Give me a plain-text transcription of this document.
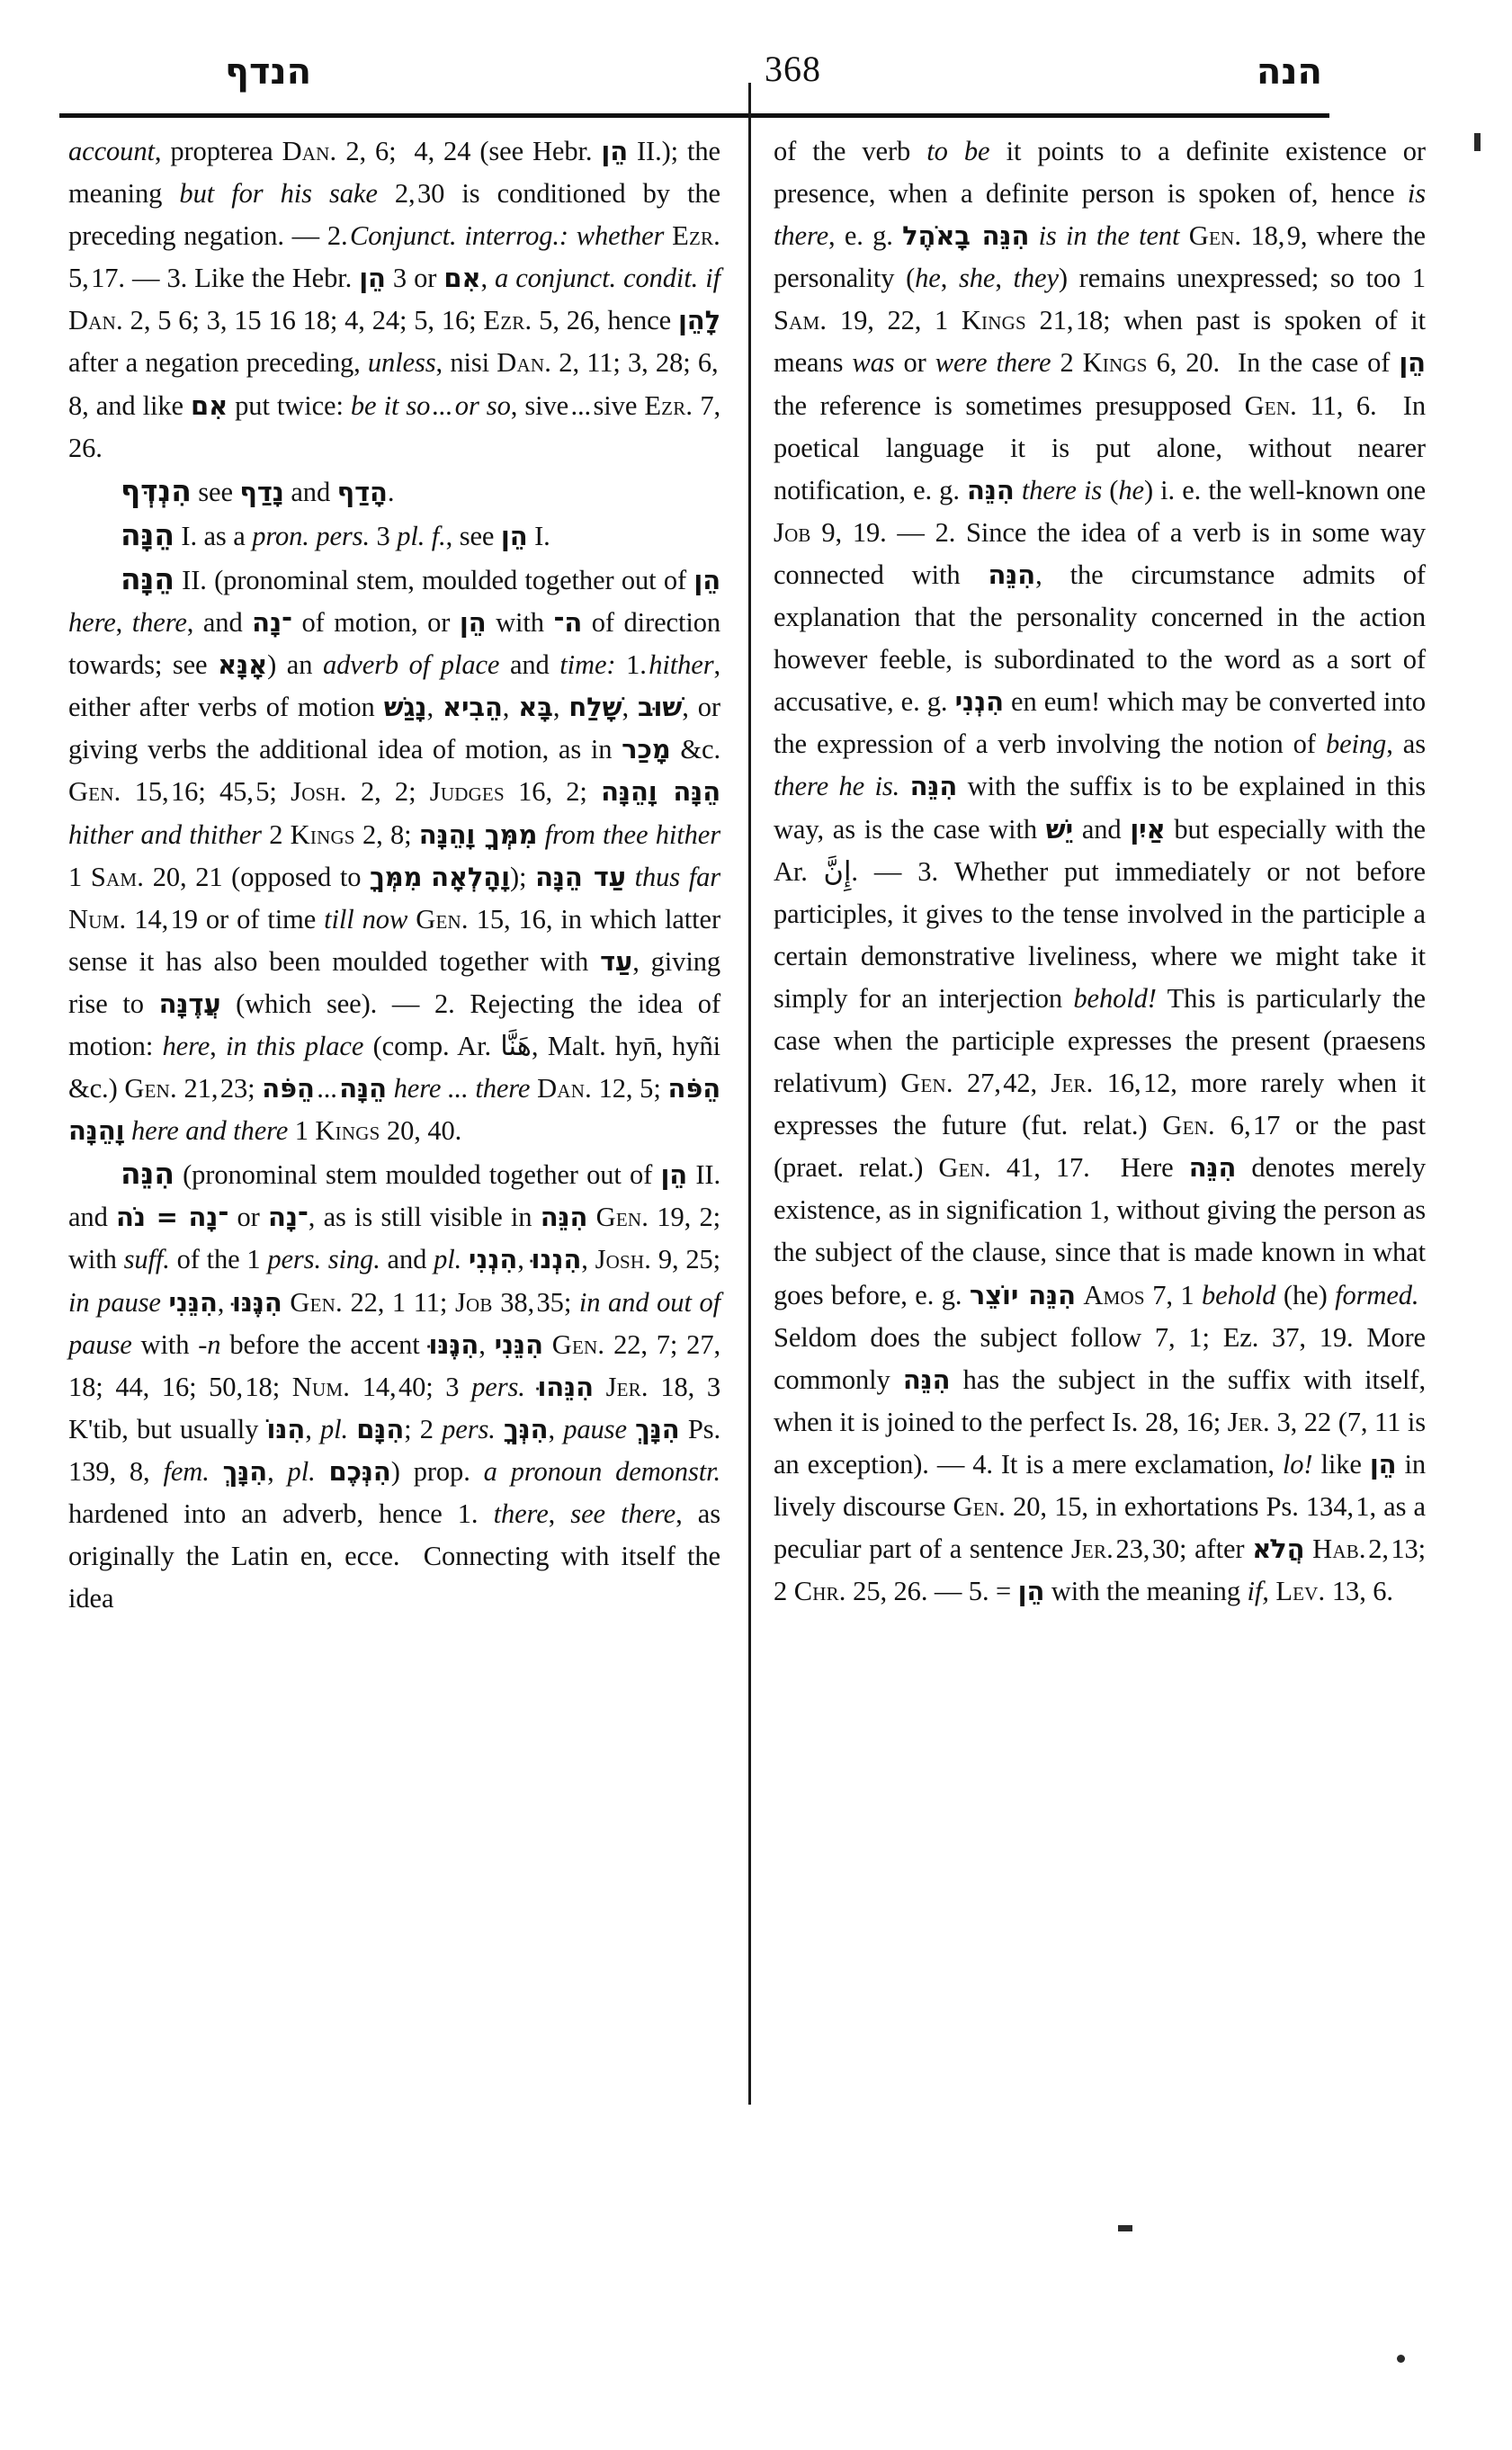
הנדף	368	הנה

account, propterea Dan. 2, 6;  4, 24 (see Hebr. הֵן II.); the meaning but for his sake 2, 30 is conditioned by the preceding negation. — 2. Conjunct. interrog.: whether Ezr. 5, 17. — 3. Like the Hebr. הֵן 3 or אִם, a conjunct. condit. if Dan. 2, 5 6; 3, 15 16 18; 4, 24; 5, 16; Ezr. 5, 26, hence לָהֵן after a negation preceding, unless, nisi Dan. 2, 11; 3, 28; 6, 8, and like אִם put twice: be it so ... or so, sive ... sive Ezr. 7, 26.

הִנְדְּף see נָדַף and הָדַף.

הֵנָּה I. as a pron. pers. 3 pl. f., see הֵן I.

הֵנָּה II. (pronominal stem, moulded together out of הֵן here, there, and ־נָה of motion, or הֵן with ה־ of direction towards; see אָנָּא) an adverb of place and time: 1. hither, either after verbs of motion נָגַשׁ, הֵבִיא, בָּא, שָׁלַח, שׁוּב, or giving verbs the additional idea of motion, as in מָכַר &c. Gen. 15, 16; 45, 5; Josh. 2, 2; Judges 16, 2; הֵנָּה וָהֵנָּה hither and thither 2 Kings 2, 8; מִמְּךָ וָהֵנָּה from thee hither 1 Sam. 20, 21 (opposed to מִמְּךָ וָהָלְאָה); עַד הֵנָּה thus far Num. 14, 19 or of time till now Gen. 15, 16, in which latter sense it has also been moulded together with עַד, giving rise to עֲדֶנָּה (which see). — 2. Rejecting the idea of motion: here, in this place (comp. Ar. هَنَّا, Malt. hyn̄, hyñi &c.) Gen. 21, 23; הֵפֹּה ... הֵנָּה here ... there Dan. 12, 5; הֵפֹּה וָהֵנָּה here and there 1 Kings 20, 40.

הִנֵּה (pronominal stem moulded together out of הֵן II. and ־נָה = נֹה or ־נָה, as is still visible in הִנֵּה Gen. 19, 2; with suff. of the 1 pers. sing. and pl. הִנְנִי, הִנְנוּ, Josh. 9, 25; in pause הִנֵּנִי, הִנֶּנּוּ Gen. 22, 1 11; Job 38, 35; in and out of pause with -n before the accent הִנֶּנּוּ, הִנֵּנִי Gen. 22, 7; 27, 18; 44, 16; 50, 18; Num. 14, 40; 3 pers. הִנֵּהוּ Jer. 18, 3 K'tib, but usually הִנּוֹ, pl. הִנָּם; 2 pers. הִנְּךָ, pause הִנָּךְ Ps. 139, 8, fem. הִנָּךְ, pl. הִנְּכֶם) prop. a pronoun demonstr. hardened into an adverb, hence 1. there, see there, as originally the Latin en, ecce.  Connecting with itself the idea

of the verb to be it points to a definite existence or presence, when a definite person is spoken of, hence is there, e. g. הִנֵּה בָאֹהֶל is in the tent Gen. 18, 9, where the personality (he, she, they) remains unexpressed; so too 1 Sam. 19, 22, 1 Kings 21, 18; when past is spoken of it means was or were there 2 Kings 6, 20.  In the case of הֵן the reference is sometimes presupposed Gen. 11, 6.  In poetical language it is put alone, without nearer notification, e. g. הִנֵּה there is (he) i. e. the well-known one Job 9, 19. — 2. Since the idea of a verb is in some way connected with הִנֵּה, the circumstance admits of explanation that the personality concerned in the action however feeble, is subordinated to the word as a sort of accusative, e. g. הִנְנִי en eum! which may be converted into the expression of a verb involving the notion of being, as there he is. הִנֵּה with the suffix is to be explained in this way, as is the case with יֵשׁ and אַיִן but especially with the Ar. إِنَّ. — 3. Whether put immediately or not before participles, it gives to the tense involved in the participle a certain demonstrative liveliness, where we might take it simply for an interjection behold! This is particularly the case when the participle expresses the present (praesens relativum) Gen. 27, 42, Jer. 16, 12, more rarely when it expresses the future (fut. relat.) Gen. 6, 17 or the past (praet. relat.) Gen. 41, 17.  Here הִנֵּה denotes merely existence, as in signification 1, without giving the person as the subject of the clause, since that is made known in what goes before, e. g. הִנֵּה יוֹצֵר Amos 7, 1 behold (he) formed.  Seldom does the subject follow 7, 1; Ez. 37, 19. More commonly הִנֵּה has the subject in the suffix with itself, when it is joined to the perfect Is. 28, 16; Jer. 3, 22 (7, 11 is an exception). — 4. It is a mere exclamation, lo! like הֵן in lively discourse Gen. 20, 15, in exhortations Ps. 134, 1, as a peculiar part of a sentence Jer. 23, 30; after הֲלֹא Hab. 2, 13; 2 Chr. 25, 26. — 5. = הֵן with the meaning if, Lev. 13, 6.
